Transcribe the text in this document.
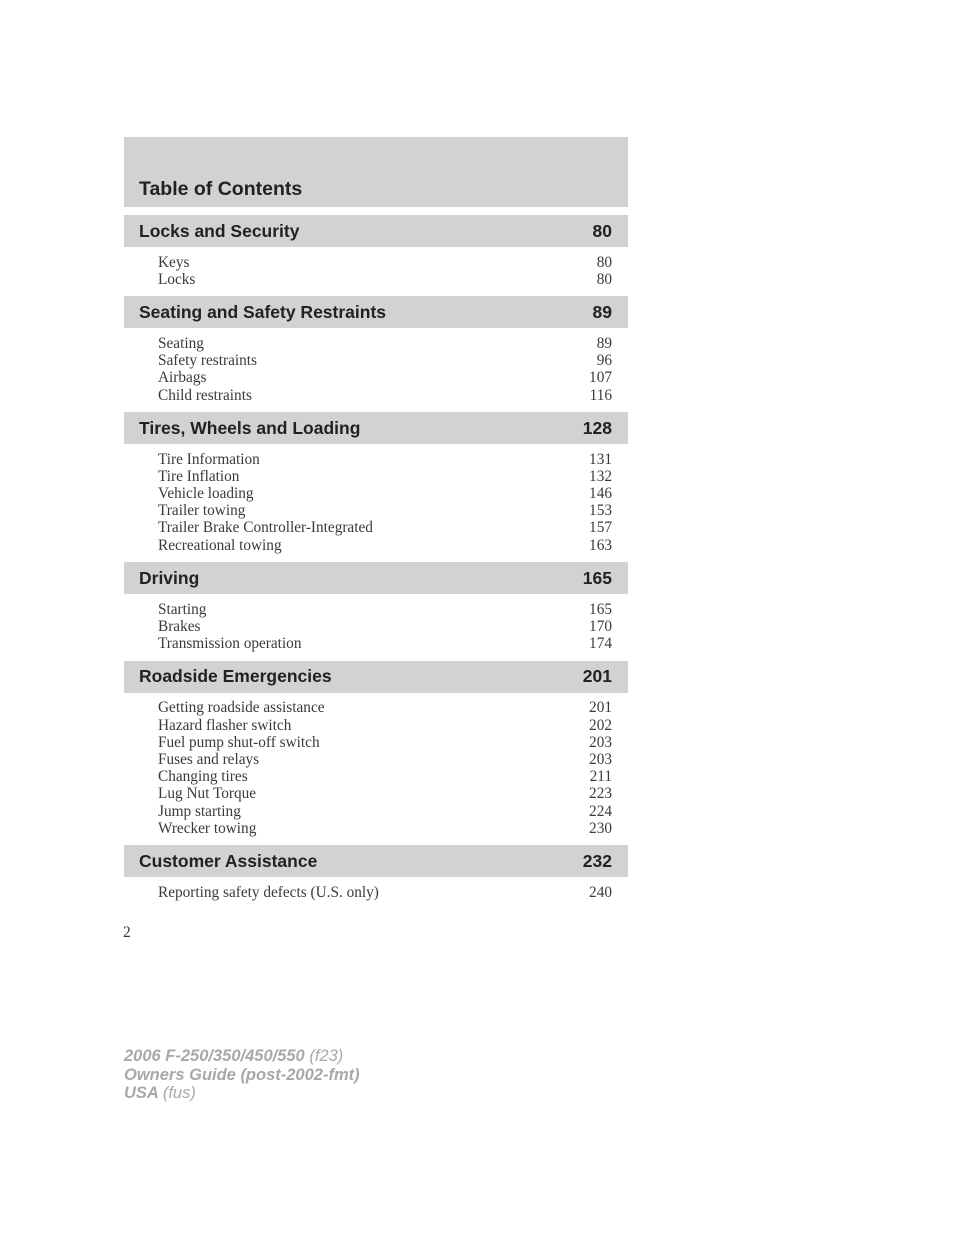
Table of Contents
Locks and Security	80
Keys	80
Locks	80
Seating and Safety Restraints	89
Seating	89
Safety restraints	96
Airbags	107
Child restraints	116
Tires, Wheels and Loading	128
Tire Information	131
Tire Inflation	132
Vehicle loading	146
Trailer towing	153
Trailer Brake Controller-Integrated	157
Recreational towing	163
Driving	165
Starting	165
Brakes	170
Transmission operation	174
Roadside Emergencies	201
Getting roadside assistance	201
Hazard flasher switch	202
Fuel pump shut-off switch	203
Fuses and relays	203
Changing tires	211
Lug Nut Torque	223
Jump starting	224
Wrecker towing	230
Customer Assistance	232
Reporting safety defects (U.S. only)	240
2
2006 F-250/350/450/550 (f23)
Owners Guide (post-2002-fmt)
USA (fus)
